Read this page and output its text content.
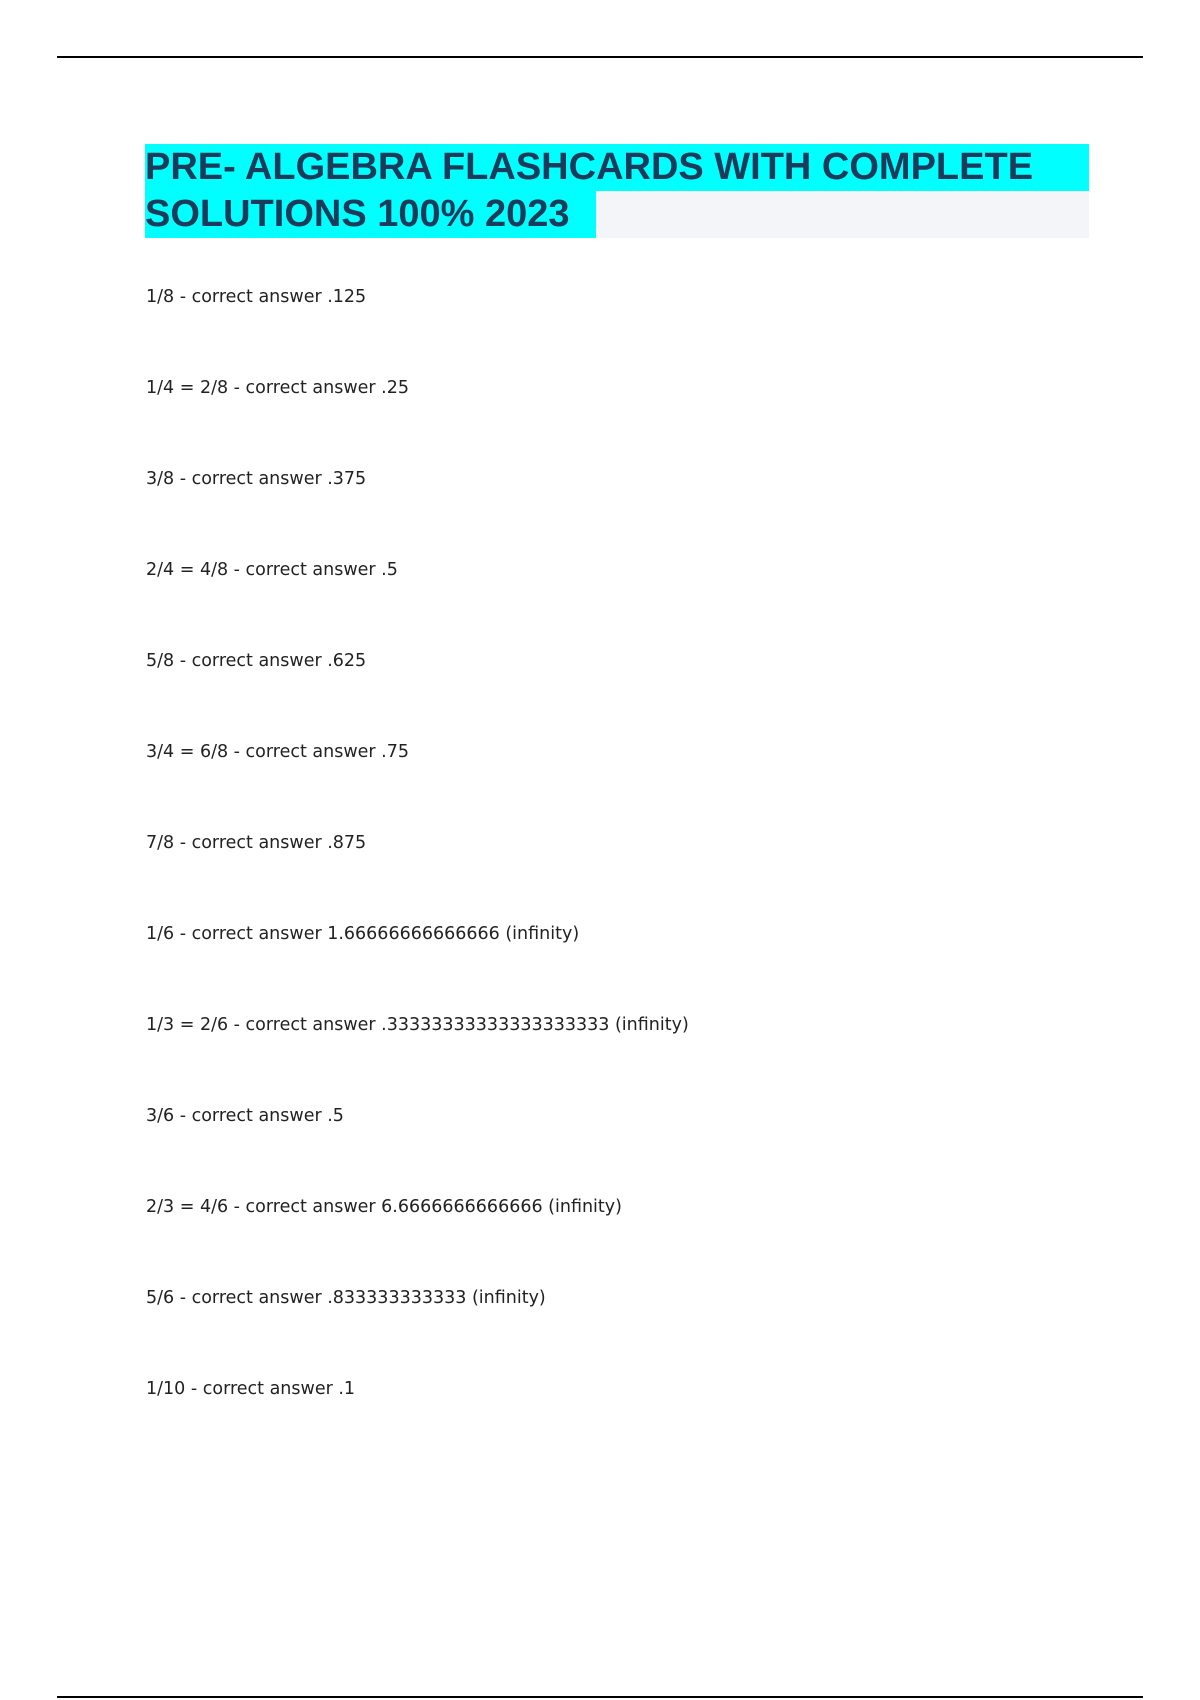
PRE- ALGEBRA FLASHCARDS WITH COMPLETE
SOLUTIONS 100% 2023
1/8 - correct answer .125
1/4 = 2/8 - correct answer .25
3/8 - correct answer .375
2/4 = 4/8 - correct answer .5
5/8 - correct answer .625
3/4 = 6/8 - correct answer .75
7/8 - correct answer .875
1/6 - correct answer 1.66666666666666 (infinity)
1/3 = 2/6 - correct answer .33333333333333333333 (infinity)
3/6 - correct answer .5
2/3 = 4/6 - correct answer 6.6666666666666 (infinity)
5/6 - correct answer .833333333333 (infinity)
1/10 - correct answer .1
